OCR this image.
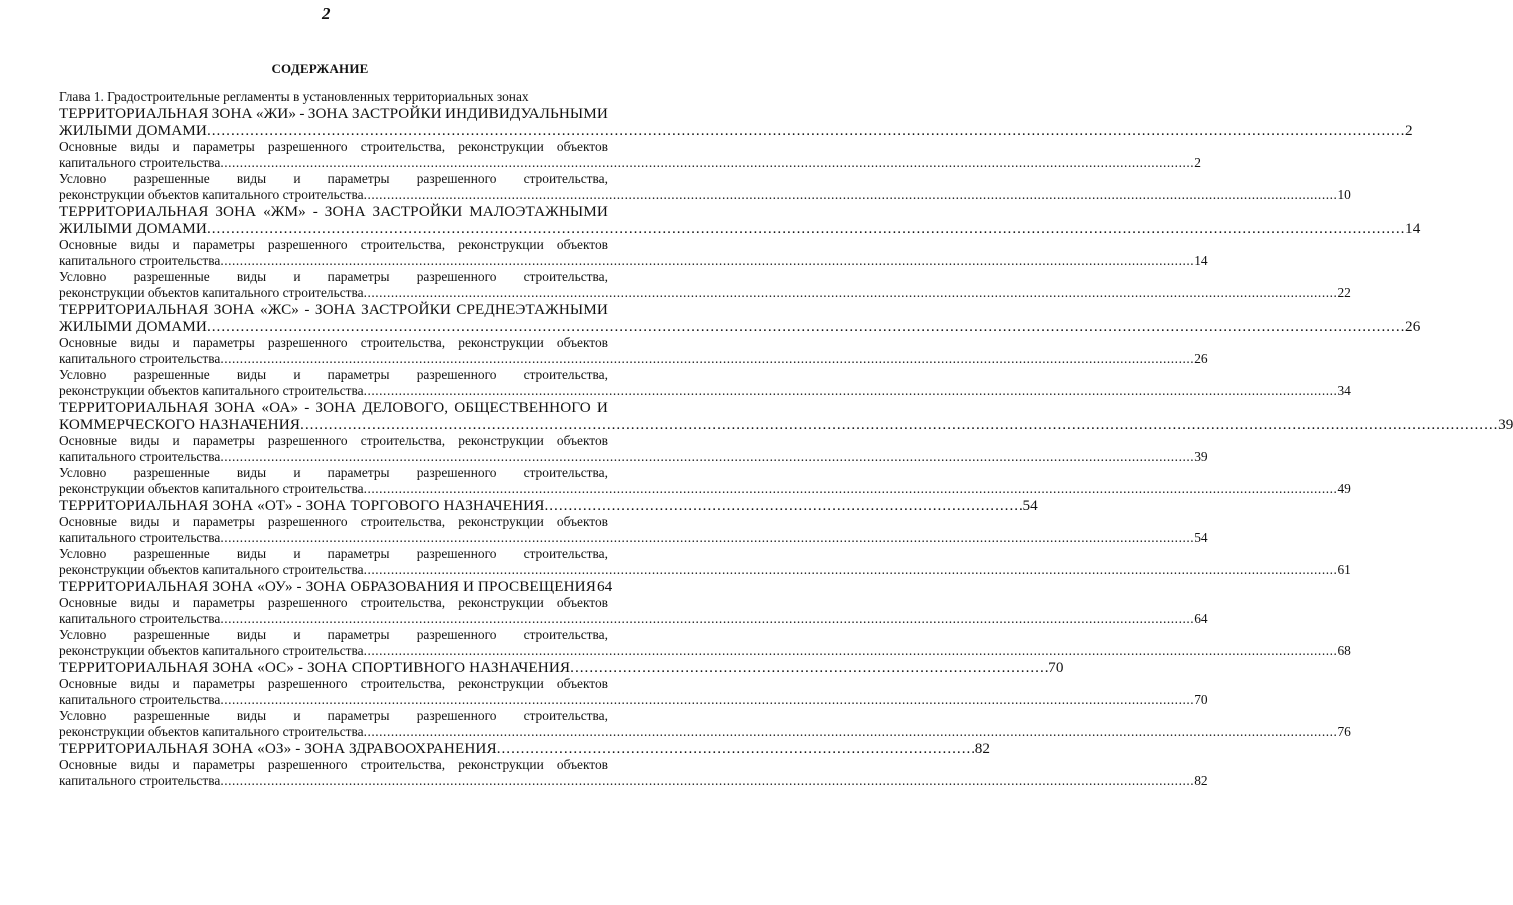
2
СОДЕРЖАНИЕ
Глава 1. Градостроительные регламенты в установленных территориальных зонах
ТЕРРИТОРИАЛЬНАЯ ЗОНА «ЖИ» - ЗОНА ЗАСТРОЙКИ ИНДИВИДУАЛЬНЫМИ
ЖИЛЫМИ ДОМАМИ . . .	2
Основные виды и параметры разрешенного строительства, реконструкции объектов
капитального строительства . . .	2
Условно разрешенные виды и параметры разрешенного строительства,
реконструкции объектов капитального строительства . . .	10
ТЕРРИТОРИАЛЬНАЯ ЗОНА «ЖМ» - ЗОНА ЗАСТРОЙКИ МАЛОЭТАЖНЫМИ
ЖИЛЫМИ ДОМАМИ . . .	14
Основные виды и параметры разрешенного строительства, реконструкции объектов
капитального строительства . . .	14
Условно разрешенные виды и параметры разрешенного строительства,
реконструкции объектов капитального строительства . . .	22
ТЕРРИТОРИАЛЬНАЯ ЗОНА «ЖС» - ЗОНА ЗАСТРОЙКИ СРЕДНЕЭТАЖНЫМИ
ЖИЛЫМИ ДОМАМИ . . .	26
Основные виды и параметры разрешенного строительства, реконструкции объектов
капитального строительства . . .	26
Условно разрешенные виды и параметры разрешенного строительства,
реконструкции объектов капитального строительства . . .	34
ТЕРРИТОРИАЛЬНАЯ ЗОНА «ОА» - ЗОНА ДЕЛОВОГО, ОБЩЕСТВЕННОГО И
КОММЕРЧЕСКОГО НАЗНАЧЕНИЯ . . .	39
Основные виды и параметры разрешенного строительства, реконструкции объектов
капитального строительства . . .	39
Условно разрешенные виды и параметры разрешенного строительства,
реконструкции объектов капитального строительства . . .	49
ТЕРРИТОРИАЛЬНАЯ ЗОНА «ОТ» - ЗОНА ТОРГОВОГО НАЗНАЧЕНИЯ . . .	54
Основные виды и параметры разрешенного строительства, реконструкции объектов
капитального строительства . . .	54
Условно разрешенные виды и параметры разрешенного строительства,
реконструкции объектов капитального строительства . . .	61
ТЕРРИТОРИАЛЬНАЯ ЗОНА «ОУ» - ЗОНА ОБРАЗОВАНИЯ И ПРОСВЕЩЕНИЯ 64
Основные виды и параметры разрешенного строительства, реконструкции объектов
капитального строительства . . .	64
Условно разрешенные виды и параметры разрешенного строительства,
реконструкции объектов капитального строительства . . .	68
ТЕРРИТОРИАЛЬНАЯ ЗОНА «ОС» - ЗОНА СПОРТИВНОГО НАЗНАЧЕНИЯ . . .	70
Основные виды и параметры разрешенного строительства, реконструкции объектов
капитального строительства . . .	70
Условно разрешенные виды и параметры разрешенного строительства,
реконструкции объектов капитального строительства . . .	76
ТЕРРИТОРИАЛЬНАЯ ЗОНА «ОЗ» - ЗОНА ЗДРАВООХРАНЕНИЯ . . .	82
Основные виды и параметры разрешенного строительства, реконструкции объектов
капитального строительства . . .	82
